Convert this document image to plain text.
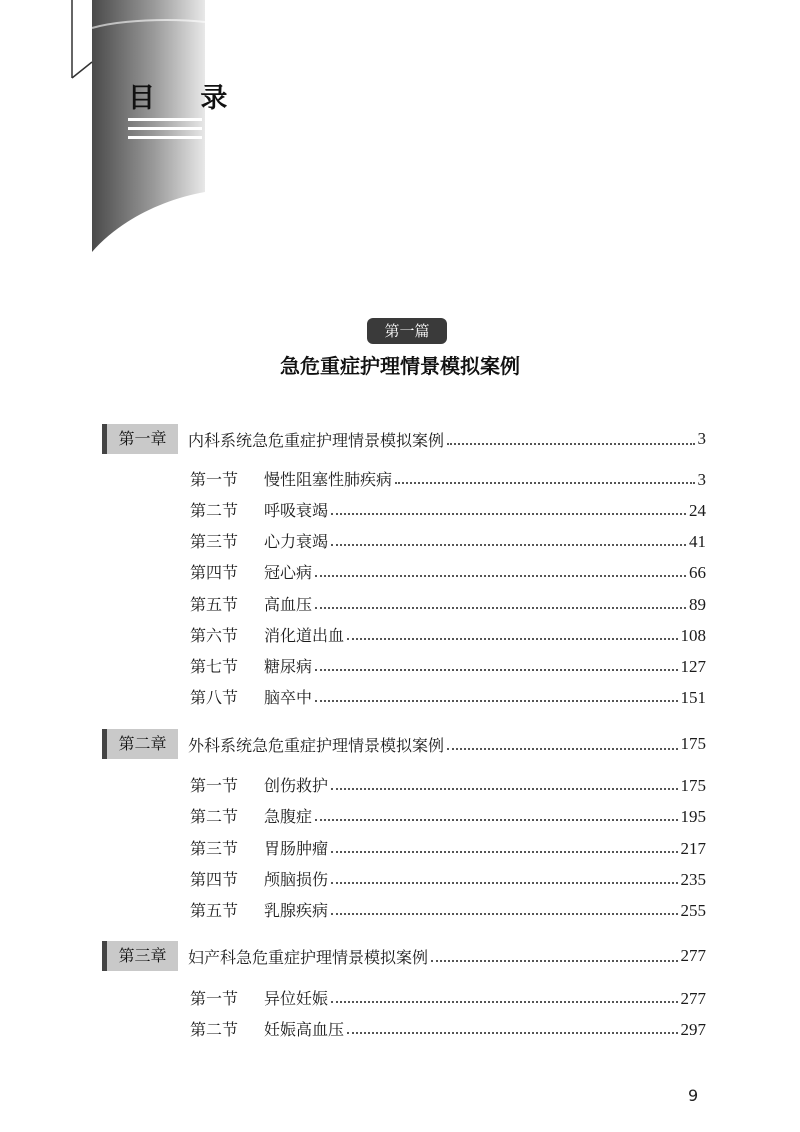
目 录
第一篇
急危重症护理情景模拟案例
第一章	内科系统急危重症护理情景模拟案例	3
第一节	慢性阻塞性肺疾病	3
第二节	呼吸衰竭	24
第三节	心力衰竭	41
第四节	冠心病	66
第五节	高血压	89
第六节	消化道出血	108
第七节	糖尿病	127
第八节	脑卒中	151
第二章	外科系统急危重症护理情景模拟案例	175
第一节	创伤救护	175
第二节	急腹症	195
第三节	胃肠肿瘤	217
第四节	颅脑损伤	235
第五节	乳腺疾病	255
第三章	妇产科急危重症护理情景模拟案例	277
第一节	异位妊娠	277
第二节	妊娠高血压	297
9
